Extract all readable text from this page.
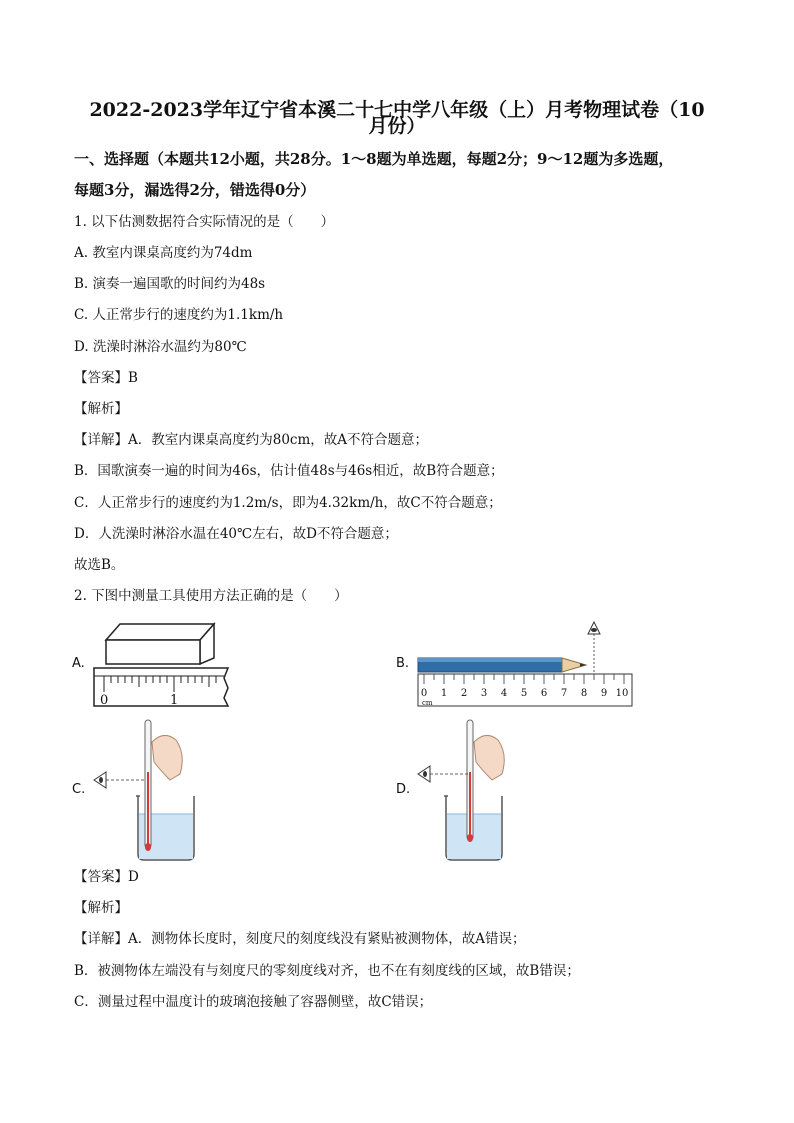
2022-2023学年辽宁省本溪二十七中学八年级（上）月考物理试卷（10
月份）
一、选择题（本题共12小题，共28分。1～8题为单选题，每题2分；9～12题为多选题，
每题3分，漏选得2分，错选得0分）
1. 以下估测数据符合实际情况的是（　　）
A. 教室内课桌高度约为74dm
B. 演奏一遍国歌的时间约为48s
C. 人正常步行的速度约为1.1km/h
D. 洗澡时淋浴水温约为80℃
【答案】B
【解析】
【详解】A．教室内课桌高度约为80cm，故A不符合题意；
B．国歌演奏一遍的时间为46s，估计值48s与46s相近，故B符合题意；
C．人正常步行的速度约为1.2m/s，即为4.32km/h，故C不符合题意；
D．人洗澡时淋浴水温在40℃左右，故D不符合题意；
故选B。
2. 下图中测量工具使用方法正确的是（　　）
A.
0	1
B.
0 1 2 3 4 5 6 7 8 9 10
cm
C.	D.
【答案】D
【解析】
【详解】A．测物体长度时，刻度尺的刻度线没有紧贴被测物体，故A错误；
B．被测物体左端没有与刻度尺的零刻度线对齐，也不在有刻度线的区域，故B错误；
C．测量过程中温度计的玻璃泡接触了容器侧壁，故C错误；
